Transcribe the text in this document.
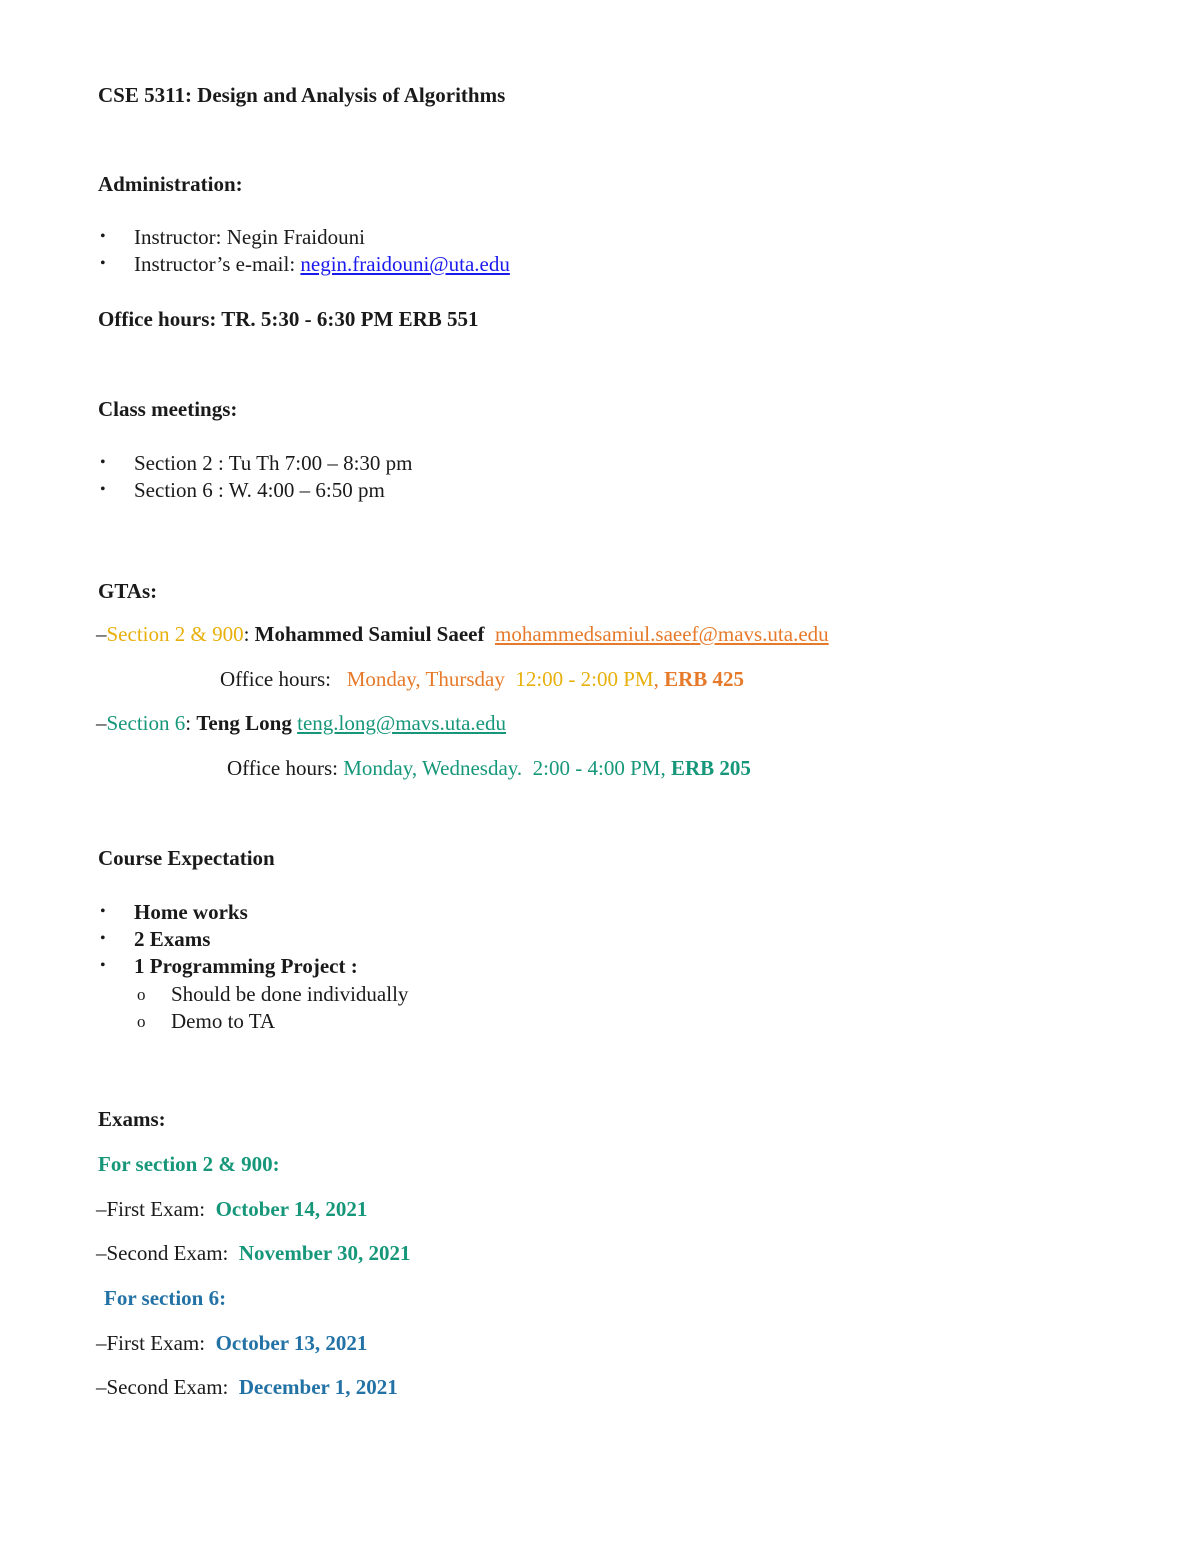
CSE 5311: Design and Analysis of Algorithms
Administration:
• Instructor: Negin Fraidouni
• Instructor’s e-mail: negin.fraidouni@uta.edu
Office hours: TR. 5:30 - 6:30 PM ERB 551
Class meetings:
• Section 2 : Tu Th 7:00 – 8:30 pm
• Section 6 : W. 4:00 – 6:50 pm
GTAs:
–Section 2 & 900: Mohammed Samiul Saeef mohammedsamiul.saeef@mavs.uta.edu
Office hours: Monday, Thursday 12:00 - 2:00 PM, ERB 425
–Section 6: Teng Long teng.long@mavs.uta.edu
Office hours: Monday, Wednesday. 2:00 - 4:00 PM, ERB 205
Course Expectation
• Home works
• 2 Exams
• 1 Programming Project :
o Should be done individually
o Demo to TA
Exams:
For section 2 & 900:
–First Exam: October 14, 2021
–Second Exam: November 30, 2021
For section 6:
–First Exam: October 13, 2021
–Second Exam: December 1, 2021
